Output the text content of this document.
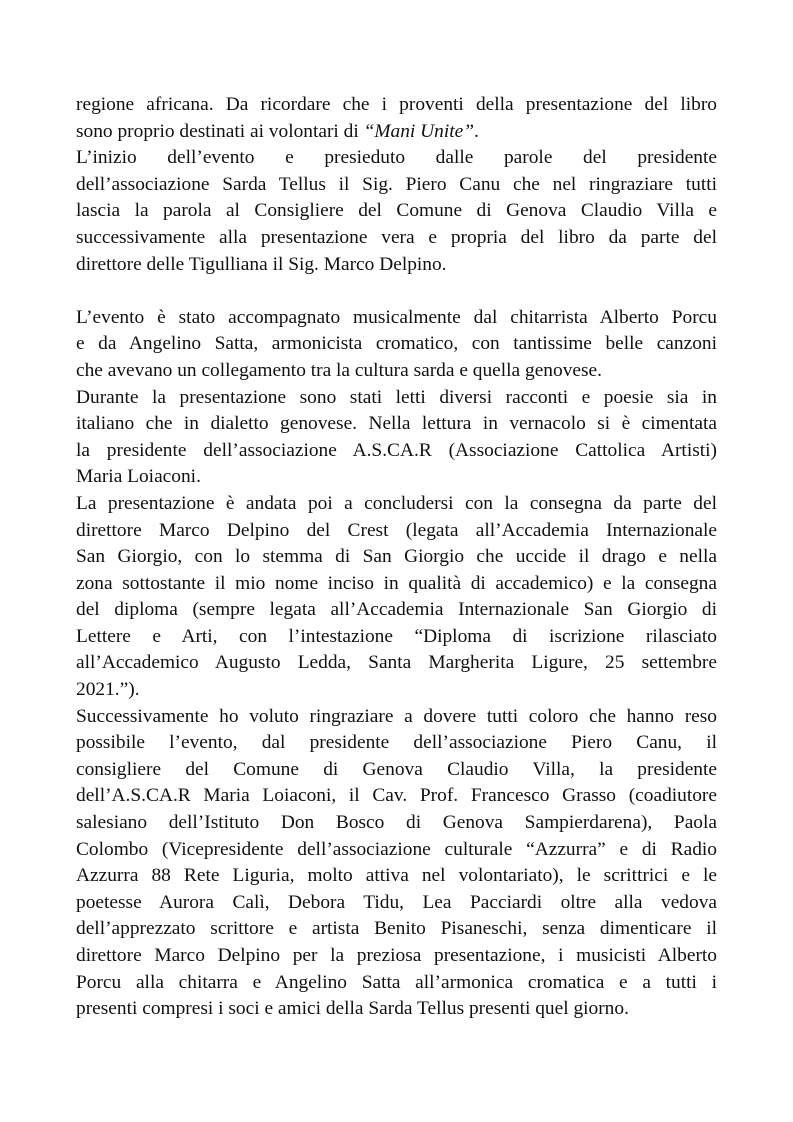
regione africana. Da ricordare che i proventi della presentazione del libro
sono proprio destinati ai volontari di “Mani Unite”.
L’inizio dell’evento e presieduto dalle parole del presidente
dell’associazione Sarda Tellus il Sig. Piero Canu che nel ringraziare tutti
lascia la parola al Consigliere del Comune di Genova Claudio Villa e
successivamente alla presentazione vera e propria del libro da parte del
direttore delle Tigulliana il Sig. Marco Delpino.
L’evento è stato accompagnato musicalmente dal chitarrista Alberto Porcu
e da Angelino Satta, armonicista cromatico, con tantissime belle canzoni
che avevano un collegamento tra la cultura sarda e quella genovese.
Durante la presentazione sono stati letti diversi racconti e poesie sia in
italiano che in dialetto genovese. Nella lettura in vernacolo si è cimentata
la presidente dell’associazione A.S.CA.R (Associazione Cattolica Artisti)
Maria Loiaconi.
La presentazione è andata poi a concludersi con la consegna da parte del
direttore Marco Delpino del Crest (legata all’Accademia Internazionale
San Giorgio, con lo stemma di San Giorgio che uccide il drago e nella
zona sottostante il mio nome inciso in qualità di accademico) e la consegna
del diploma (sempre legata all’Accademia Internazionale San Giorgio di
Lettere e Arti, con l’intestazione “Diploma di iscrizione rilasciato
all’Accademico Augusto Ledda, Santa Margherita Ligure, 25 settembre
2021.”).
Successivamente ho voluto ringraziare a dovere tutti coloro che hanno reso
possibile l’evento, dal presidente dell’associazione Piero Canu, il
consigliere del Comune di Genova Claudio Villa, la presidente
dell’A.S.CA.R Maria Loiaconi, il Cav. Prof. Francesco Grasso (coadiutore
salesiano dell’Istituto Don Bosco di Genova Sampierdarena), Paola
Colombo (Vicepresidente dell’associazione culturale “Azzurra” e di Radio
Azzurra 88 Rete Liguria, molto attiva nel volontariato), le scrittrici e le
poetesse Aurora Calì, Debora Tidu, Lea Pacciardi oltre alla vedova
dell’apprezzato scrittore e artista Benito Pisaneschi, senza dimenticare il
direttore Marco Delpino per la preziosa presentazione, i musicisti Alberto
Porcu alla chitarra e Angelino Satta all’armonica cromatica e a tutti i
presenti compresi i soci e amici della Sarda Tellus presenti quel giorno.
